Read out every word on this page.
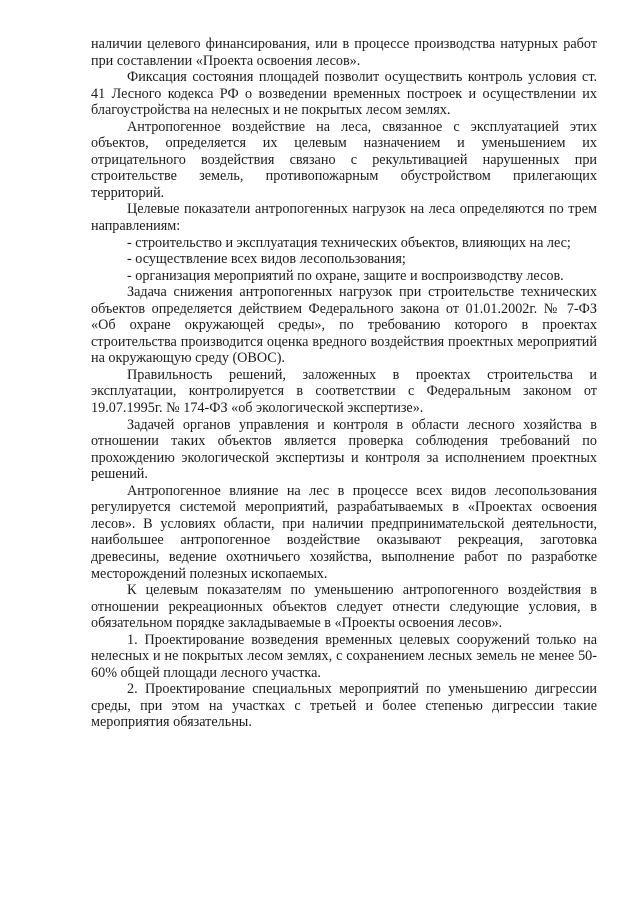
наличии целевого финансирования, или в процессе производства натурных работ при составлении «Проекта освоения лесов».

Фиксация состояния площадей позволит осуществить контроль условия ст. 41 Лесного кодекса РФ о возведении временных построек и осуществлении их благоустройства на нелесных и не покрытых лесом землях.

Антропогенное воздействие на леса, связанное с эксплуатацией этих объектов, определяется их целевым назначением и уменьшением их отрицательного воздействия связано с рекультивацией нарушенных при строительстве земель, противопожарным обустройством прилегающих территорий.

Целевые показатели антропогенных нагрузок на леса определяются по трем направлениям:

- строительство и эксплуатация технических объектов, влияющих на лес;

- осуществление всех видов лесопользования;

- организация мероприятий по охране, защите и воспроизводству лесов.

Задача снижения антропогенных нагрузок при строительстве технических объектов определяется действием Федерального закона от 01.01.2002г. № 7-ФЗ «Об охране окружающей среды», по требованию которого в проектах строительства производится оценка вредного воздействия проектных мероприятий на окружающую среду (ОВОС).

Правильность решений, заложенных в проектах строительства и эксплуатации, контролируется в соответствии с Федеральным законом от 19.07.1995г. № 174-ФЗ «об экологической экспертизе».

Задачей органов управления и контроля в области лесного хозяйства в отношении таких объектов является проверка соблюдения требований по прохождению экологической экспертизы и контроля за исполнением проектных решений.

Антропогенное влияние на лес в процессе всех видов лесопользования регулируется системой мероприятий, разрабатываемых в «Проектах освоения лесов». В условиях области, при наличии предпринимательской деятельности, наибольшее антропогенное воздействие оказывают рекреация, заготовка древесины, ведение охотничьего хозяйства, выполнение работ по разработке месторождений полезных ископаемых.

К целевым показателям по уменьшению антропогенного воздействия в отношении рекреационных объектов следует отнести следующие условия, в обязательном порядке закладываемые в «Проекты освоения лесов».

1. Проектирование возведения временных целевых сооружений только на нелесных и не покрытых лесом землях, с сохранением лесных земель не менее 50-60% общей площади лесного участка.

2. Проектирование специальных мероприятий по уменьшению дигрессии среды, при этом на участках с третьей и более степенью дигрессии такие мероприятия обязательны.
